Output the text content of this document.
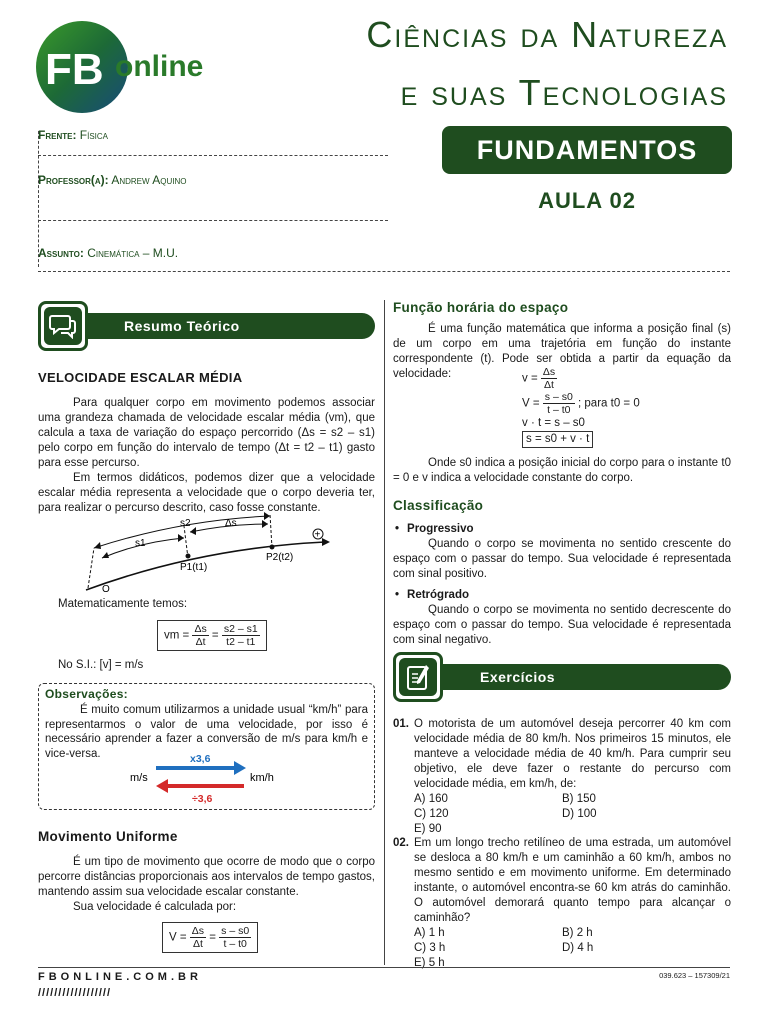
FB online
Ciências da Natureza
e suas Tecnologias
Frente: Física
Professor(a): Andrew Aquino
Assunto: Cinemática – M.U.
FUNDAMENTOS
AULA 02
Resumo Teórico
VELOCIDADE ESCALAR MÉDIA

Para qualquer corpo em movimento podemos associar uma grandeza chamada de velocidade escalar média (vm), que calcula a taxa de variação do espaço percorrido (Δs = s2 – s1) pelo corpo em função do intervalo de tempo (Δt = t2 – t1) gasto para esse percurso.

Em termos didáticos, podemos dizer que a velocidade escalar média representa a velocidade que o corpo deveria ter, para realizar o percurso descrito, caso fosse constante.

+
s2
s1
Δs
P1(t1)
P2(t2)
O
Matematicamente temos:
vm = $\frac{\Delta s}{\Delta t} = \frac{s2 - s1}{t2 - t1}$
No S.I.: [v] = m/s
Observações:

É muito comum utilizarmos a unidade usual “km/h” para representarmos o valor de uma velocidade, por isso é necessário aprender a fazer a conversão de m/s para km/h e vice-versa.	x3,6
÷3,6
m/s	km/h
Movimento Uniforme

É um tipo de movimento que ocorre de modo que o corpo percorre distâncias proporcionais aos intervalos de tempo gastos, mantendo assim sua velocidade escalar constante.

Sua velocidade é calculada por:

$V = \frac{\Delta s}{\Delta t} = \frac{s - s0}{t - t0}$
Função horária do espaço

É uma função matemática que informa a posição final (s) de um corpo em uma trajetória em função do instante correspondente (t). Pode ser obtida a partir da equação da velocidade:	$v = \frac{\Delta s}{\Delta t}$
$V = \frac{s - s0}{t - t0}$ ; para t0 = 0
v · t = s – s0
s = s0 + v · t

Onde s0 indica a posição inicial do corpo para o instante t0 = 0 e v indica a velocidade constante do corpo.

Classificação
• Progressivo

Quando o corpo se movimenta no sentido crescente do espaço com o passar do tempo. Sua velocidade é representada com sinal positivo.

• Retrógrado

Quando o corpo se movimenta no sentido decrescente do espaço com o passar do tempo. Sua velocidade é representada com sinal negativo.

Exercícios
01. O motorista de um automóvel deseja percorrer 40 km com velocidade média de 80 km/h. Nos primeiros 15 minutos, ele manteve a velocidade média de 40 km/h. Para cumprir seu objetivo, ele deve fazer o restante do percurso com velocidade média, em km/h, de:

A) 160	B) 150
C) 120	D) 100
E) 90
02. Em um longo trecho retilíneo de uma estrada, um automóvel se desloca a 80 km/h e um caminhão a 60 km/h, ambos no mesmo sentido e em movimento uniforme. Em determinado instante, o automóvel encontra-se 60 km atrás do caminhão. O automóvel demorará quanto tempo para alcançar o caminhão?

A) 1 h	B) 2 h
C) 3 h	D) 4 h
E) 5 h
FBONLINE.COM.BR
//////////////////
039.623 – 157309/21
